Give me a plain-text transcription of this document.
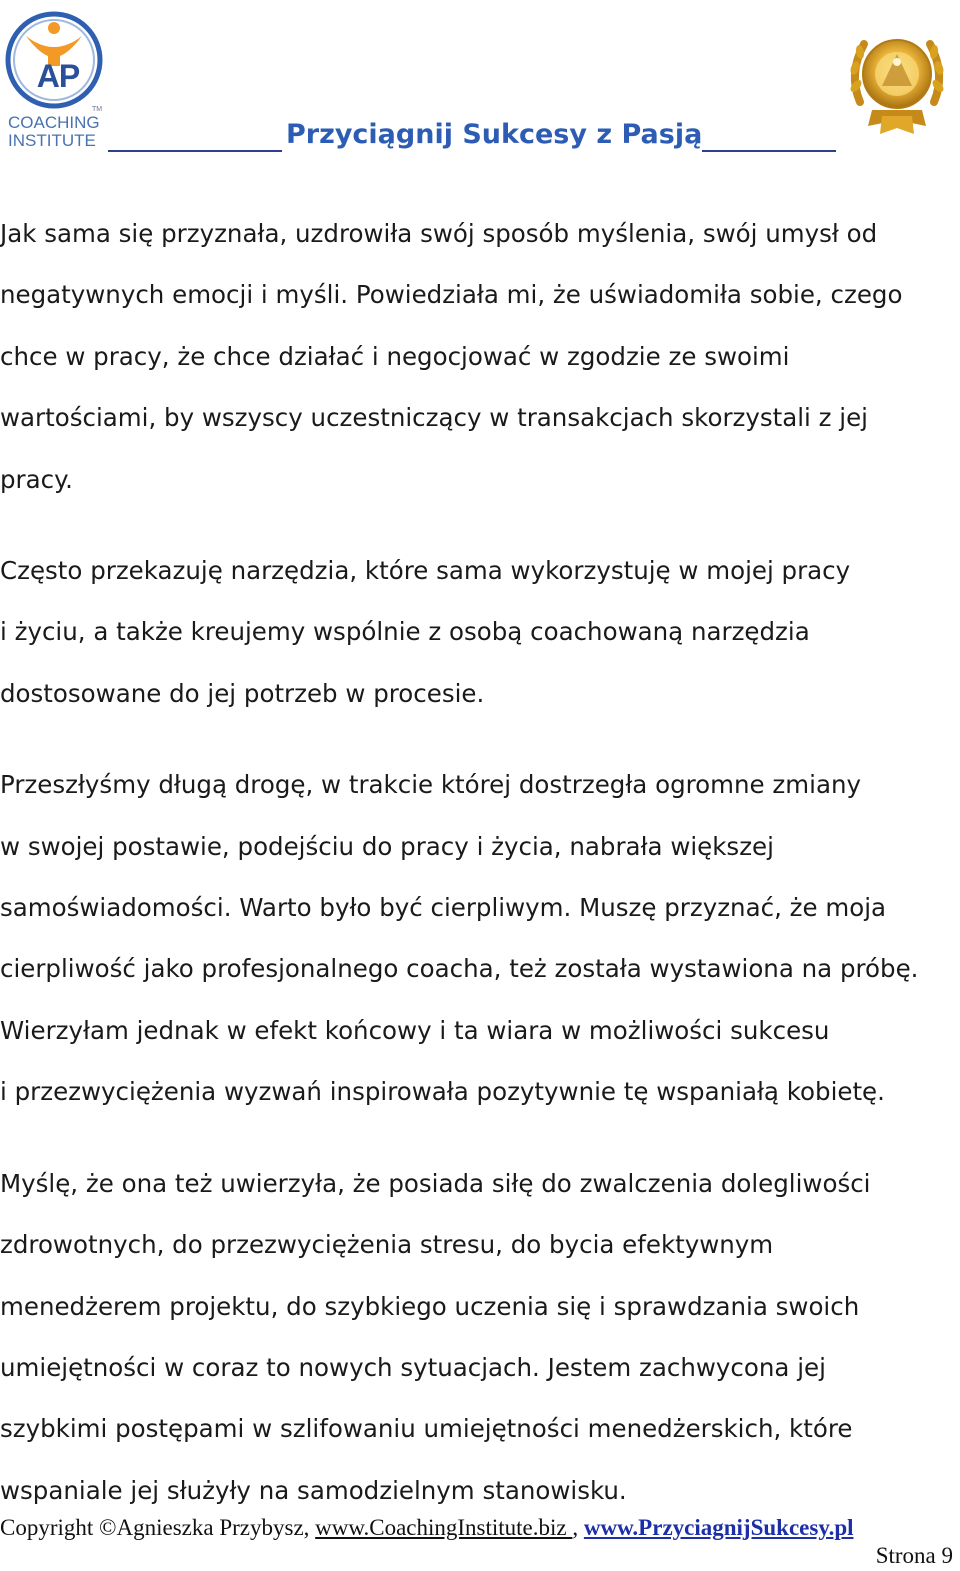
AP
TM
COACHING
INSTITUTE	Przyciągnij Sukcesy z Pasją
Jak sama się przyznała, uzdrowiła swój sposób myślenia, swój umysł od
negatywnych emocji i myśli. Powiedziała mi, że uświadomiła sobie, czego
chce w pracy, że chce działać i negocjować w zgodzie ze swoimi
wartościami, by wszyscy uczestniczący w transakcjach skorzystali z jej
pracy.
Często przekazuję narzędzia, które sama wykorzystuję w mojej pracy
i życiu, a także kreujemy wspólnie z osobą coachowaną narzędzia
dostosowane do jej potrzeb w procesie.
Przeszłyśmy długą drogę, w trakcie której dostrzegła ogromne zmiany
w swojej postawie, podejściu do pracy i życia, nabrała większej
samoświadomości. Warto było być cierpliwym. Muszę przyznać, że moja
cierpliwość jako profesjonalnego coacha, też została wystawiona na próbę.
Wierzyłam jednak w efekt końcowy i ta wiara w możliwości sukcesu
i przezwyciężenia wyzwań inspirowała pozytywnie tę wspaniałą kobietę.
Myślę, że ona też uwierzyła, że posiada siłę do zwalczenia dolegliwości
zdrowotnych, do przezwyciężenia stresu, do bycia efektywnym
menedżerem projektu, do szybkiego uczenia się i sprawdzania swoich
umiejętności w coraz to nowych sytuacjach. Jestem zachwycona jej
szybkimi postępami w szlifowaniu umiejętności menedżerskich, które
wspaniale jej służyły na samodzielnym stanowisku.
Copyright ©Agnieszka Przybysz, www.CoachingInstitute.biz , www.PrzyciagnijSukcesy.pl
Strona 9
